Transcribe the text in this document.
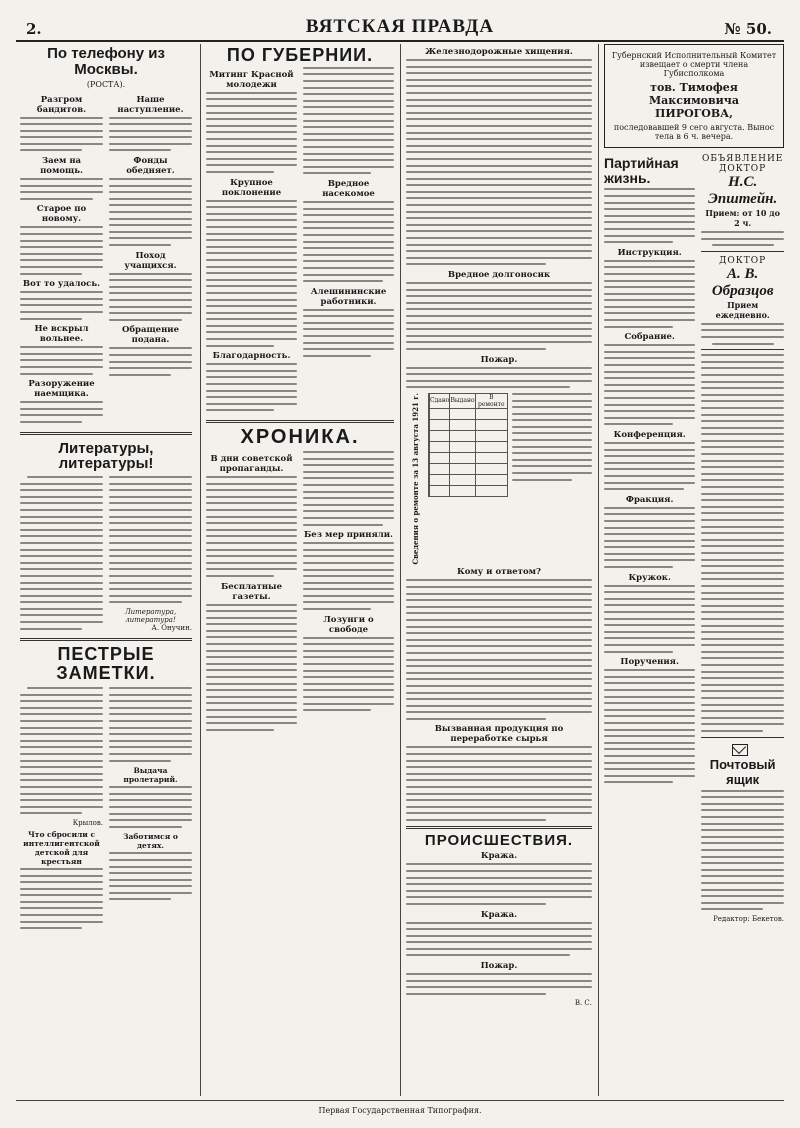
2.	ВЯТСКАЯ ПРАВДА	№ 50.
По телефону из Москвы.
(РОСТА).
Разгром бандитов.
Заем на помощь.
Старое по новому.
Вот то удалось.
Не вскрыл вольнее.
Разоружение наемщика.
Наше наступление.
Фонды обедняет.
Поход учащихся.
Обращение подана.
Литературы, литературы!
Литература, литература!
А. Онучин.
ПЕСТРЫЕ ЗАМЕТКИ.
Крылов.
Что сбросили с интеллигентской детской для крестьян
Выдача пролетарий.
Заботимся о детях.
ПО ГУБЕРНИИ.
Митинг Красной молодежи
Крупное поклонение
Благодарность.
Вредное насекомое
Алешининские работники.
ХРОНИКА.
В дни советской пропаганды.
Бесплатные газеты.
Без мер приняли.
Лозунги о свободе
Железнодорожные хищения.
Вредное долгоносик
Пожар.
Сведения о ремонте за 13 августа 1921 г.
	Сдано	Выдано	В ремонте

Кому и ответом?
Вызванная продукция по переработке сырья
ПРОИСШЕСТВИЯ.
Кража.
Кража.
Пожар.
В. С.
Губернский Исполнительный Комитет извещает о смерти члена Губисполкома
тов. Тимофея Максимовича ПИРОГОВА,
последовавшей 9 сего августа. Вынос тела в 6 ч. вечера.
Партийная жизнь.
Инструкция.
Собрание.
Конференция.
Фракция.
Кружок.
Поручения.
ОБЪЯВЛЕНИЕ
ДОКТОР
Н.С. Эпштейн.
Прием: от 10 до 2 ч.
ДОКТОР
А. В. Образцов
Прием ежедневно.
Почтовый ящик
Редактор: Бекетов.
Первая Государственная Типография.
